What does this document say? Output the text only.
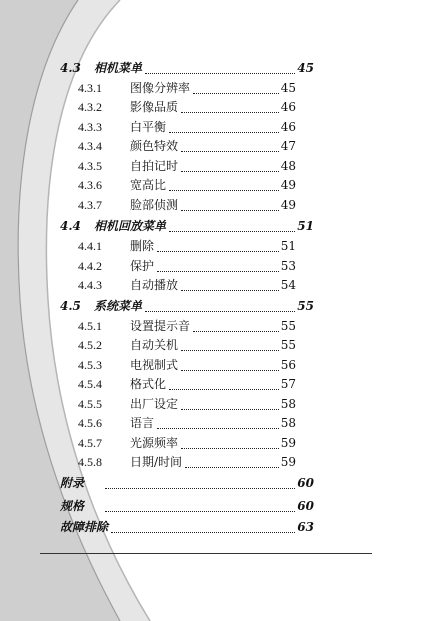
4.3	相机菜单	45
4.3.1	图像分辨率	45
4.3.2	影像品质	46
4.3.3	白平衡	46
4.3.4	颜色特效	47
4.3.5	自拍记时	48
4.3.6	宽高比	49
4.3.7	脸部侦测	49
4.4	相机回放菜单	51
4.4.1	删除	51
4.4.2	保护	53
4.4.3	自动播放	54
4.5	系统菜单	55
4.5.1	设置提示音	55
4.5.2	自动关机	55
4.5.3	电视制式	56
4.5.4	格式化	57
4.5.5	出厂设定	58
4.5.6	语言	58
4.5.7	光源频率	59
4.5.8	日期/时间	59
附录	60
规格	60
故障排除	63
